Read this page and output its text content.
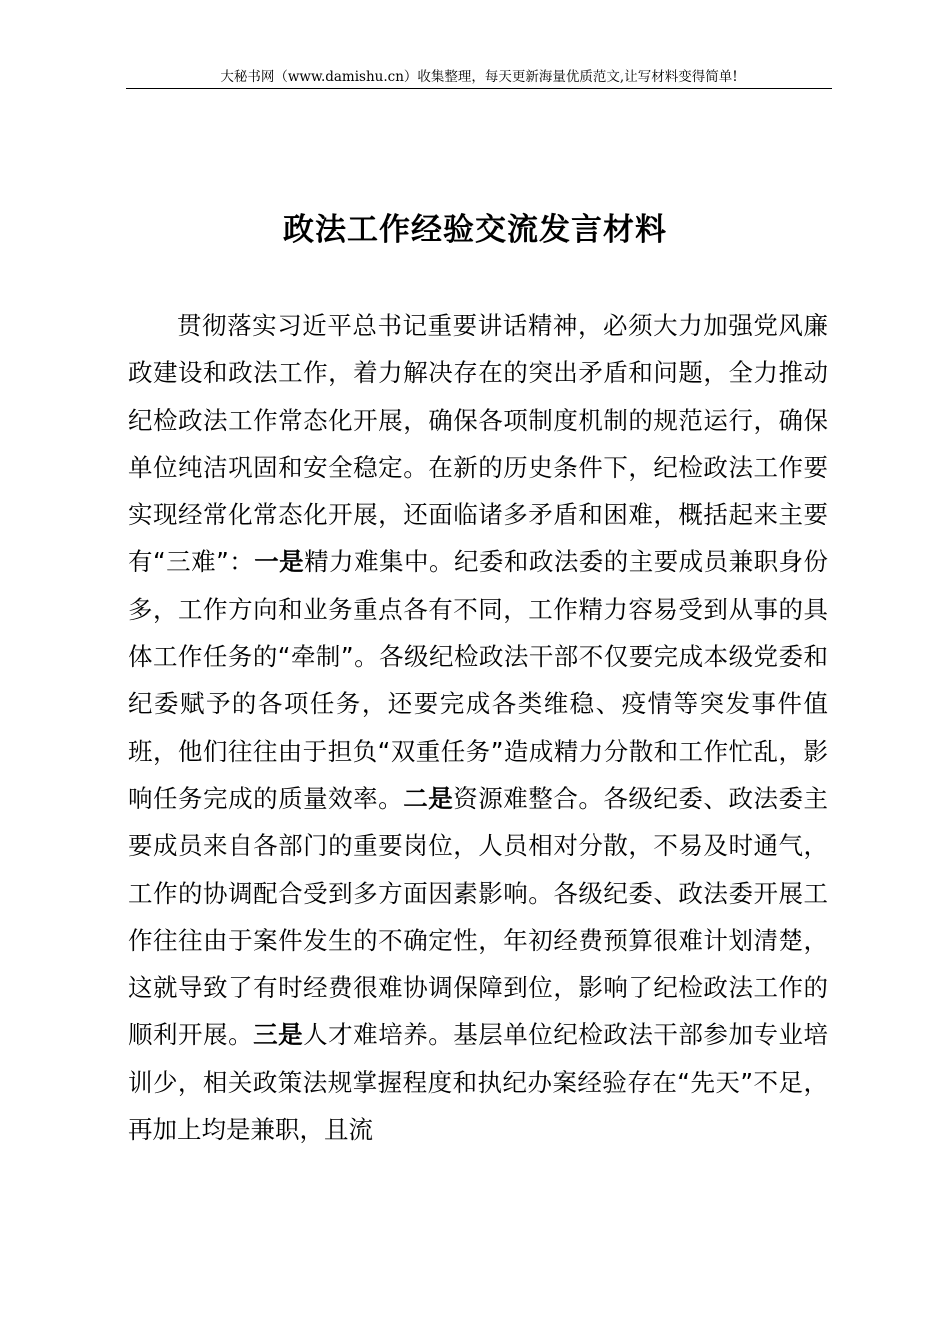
大秘书网（www.damishu.cn）收集整理，每天更新海量优质范文,让写材料变得简单!
政法工作经验交流发言材料

贯彻落实习近平总书记重要讲话精神，必须大力加强党风廉政建设和政法工作，着力解决存在的突出矛盾和问题，全力推动纪检政法工作常态化开展，确保各项制度机制的规范运行，确保单位纯洁巩固和安全稳定。在新的历史条件下，纪检政法工作要实现经常化常态化开展，还面临诸多矛盾和困难，概括起来主要有“三难”：一是精力难集中。纪委和政法委的主要成员兼职身份多，工作方向和业务重点各有不同，工作精力容易受到从事的具体工作任务的“牵制”。各级纪检政法干部不仅要完成本级党委和纪委赋予的各项任务，还要完成各类维稳、疫情等突发事件值班，他们往往由于担负“双重任务”造成精力分散和工作忙乱，影响任务完成的质量效率。二是资源难整合。各级纪委、政法委主要成员来自各部门的重要岗位，人员相对分散，不易及时通气，工作的协调配合受到多方面因素影响。各级纪委、政法委开展工作往往由于案件发生的不确定性，年初经费预算很难计划清楚，这就导致了有时经费很难协调保障到位，影响了纪检政法工作的顺利开展。三是人才难培养。基层单位纪检政法干部参加专业培训少，相关政策法规掌握程度和执纪办案经验存在“先天”不足，再加上均是兼职，且流
